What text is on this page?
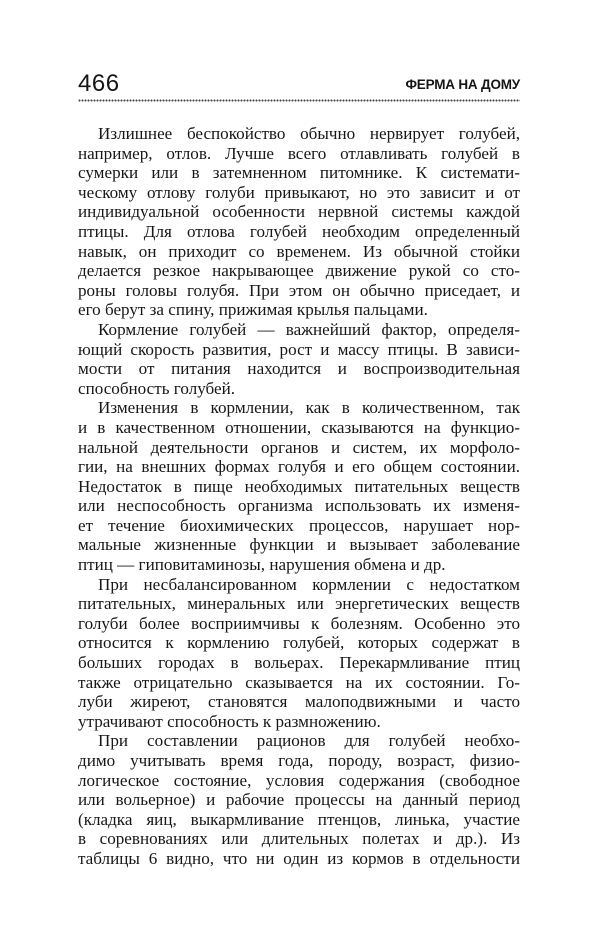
466	ФЕРМА НА ДОМУ
Излишнее беспокойство обычно нервирует голубей,
например, отлов. Лучше всего отлавливать голубей в
сумерки или в затемненном питомнике. К системати-
ческому отлову голуби привыкают, но это зависит и от
индивидуальной особенности нервной системы каждой
птицы. Для отлова голубей необходим определенный
навык, он приходит со временем. Из обычной стойки
делается резкое накрывающее движение рукой со сто-
роны головы голубя. При этом он обычно приседает, и
его берут за спину, прижимая крылья пальцами.
Кормление голубей — важнейший фактор, определя-
ющий скорость развития, рост и массу птицы. В зависи-
мости от питания находится и воспроизводительная
способность голубей.
Изменения в кормлении, как в количественном, так
и в качественном отношении, сказываются на функцио-
нальной деятельности органов и систем, их морфоло-
гии, на внешних формах голубя и его общем состоянии.
Недостаток в пище необходимых питательных веществ
или неспособность организма использовать их изменя-
ет течение биохимических процессов, нарушает нор-
мальные жизненные функции и вызывает заболевание
птиц — гиповитаминозы, нарушения обмена и др.
При несбалансированном кормлении с недостатком
питательных, минеральных или энергетических веществ
голуби более восприимчивы к болезням. Особенно это
относится к кормлению голубей, которых содержат в
больших городах в вольерах. Перекармливание птиц
также отрицательно сказывается на их состоянии. Го-
луби жиреют, становятся малоподвижными и часто
утрачивают способность к размножению.
При составлении рационов для голубей необхо-
димо учитывать время года, породу, возраст, физио-
логическое состояние, условия содержания (свободное
или вольерное) и рабочие процессы на данный период
(кладка яиц, выкармливание птенцов, линька, участие
в соревнованиях или длительных полетах и др.). Из
таблицы 6 видно, что ни один из кормов в отдельности
